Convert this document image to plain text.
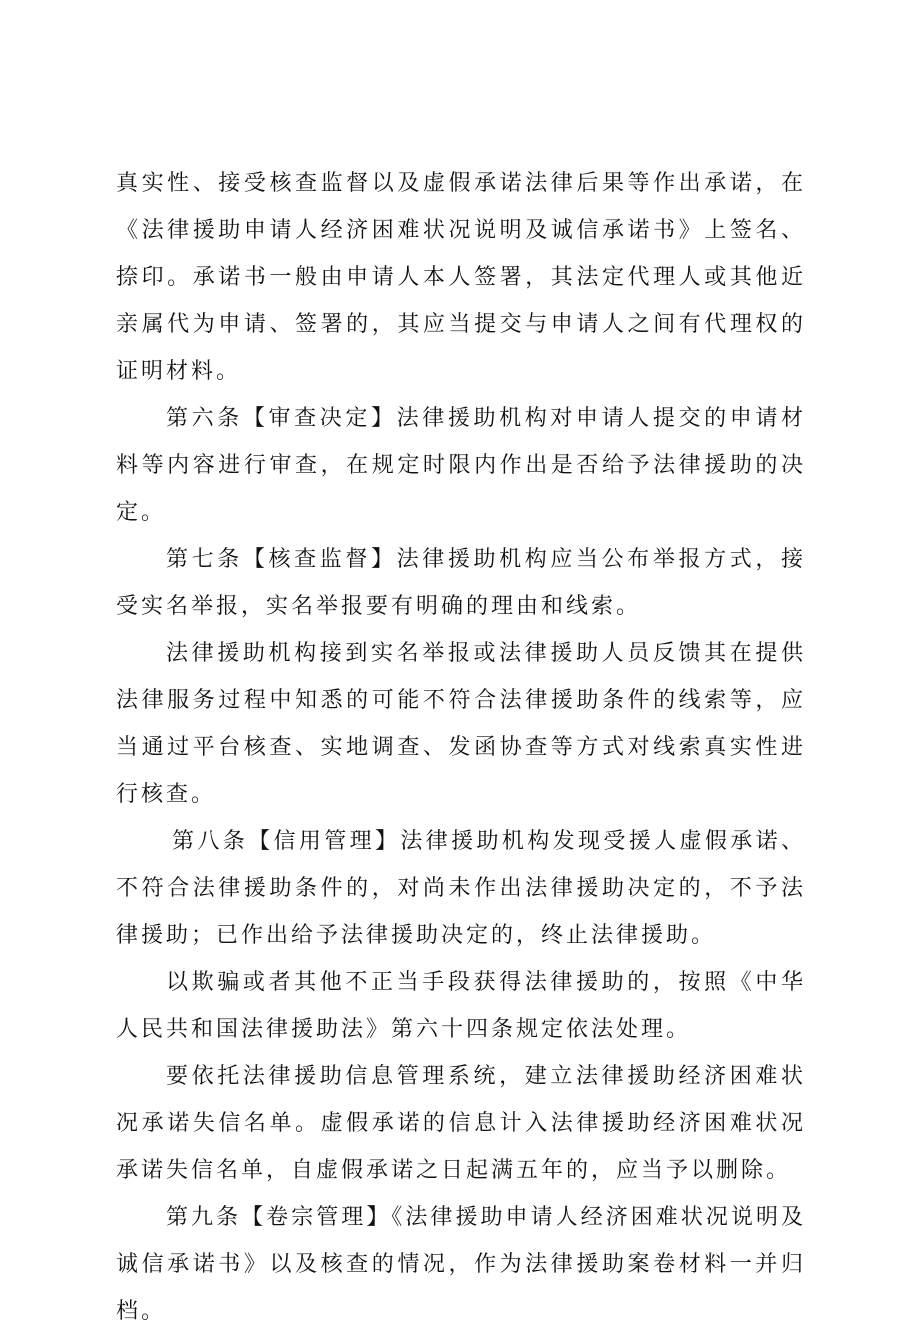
真实性、接受核查监督以及虚假承诺法律后果等作出承诺，在《法律援助申请人经济困难状况说明及诚信承诺书》上签名、捺印。承诺书一般由申请人本人签署，其法定代理人或其他近亲属代为申请、签署的，其应当提交与申请人之间有代理权的证明材料。

第六条【审查决定】法律援助机构对申请人提交的申请材料等内容进行审查，在规定时限内作出是否给予法律援助的决定。

第七条【核查监督】法律援助机构应当公布举报方式，接受实名举报，实名举报要有明确的理由和线索。

法律援助机构接到实名举报或法律援助人员反馈其在提供法律服务过程中知悉的可能不符合法律援助条件的线索等，应当通过平台核查、实地调查、发函协查等方式对线索真实性进行核查。

第八条【信用管理】法律援助机构发现受援人虚假承诺、不符合法律援助条件的，对尚未作出法律援助决定的，不予法律援助；已作出给予法律援助决定的，终止法律援助。

以欺骗或者其他不正当手段获得法律援助的，按照《中华人民共和国法律援助法》第六十四条规定依法处理。

要依托法律援助信息管理系统，建立法律援助经济困难状况承诺失信名单。虚假承诺的信息计入法律援助经济困难状况承诺失信名单，自虚假承诺之日起满五年的，应当予以删除。

第九条【卷宗管理】《法律援助申请人经济困难状况说明及诚信承诺书》以及核查的情况，作为法律援助案卷材料一并归档。
